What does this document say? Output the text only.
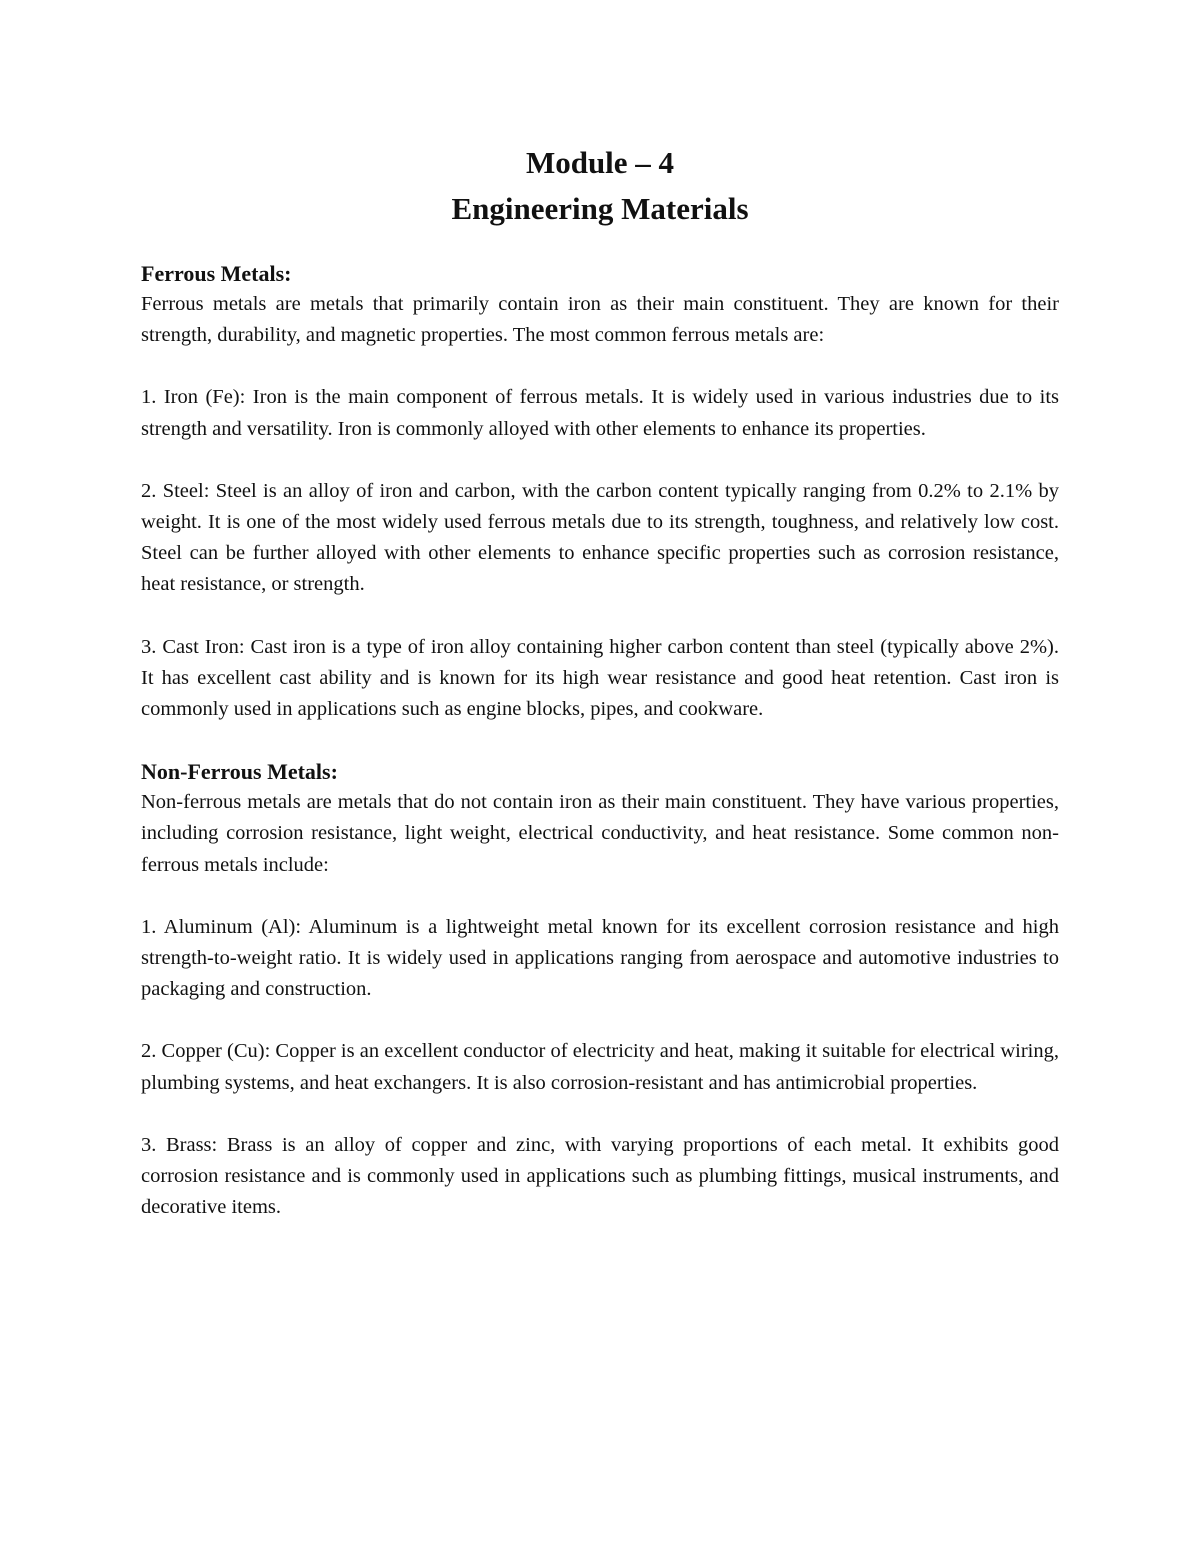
Module – 4
Engineering Materials
Ferrous Metals:

Ferrous metals are metals that primarily contain iron as their main constituent. They are known for their strength, durability, and magnetic properties. The most common ferrous metals are:

1. Iron (Fe): Iron is the main component of ferrous metals. It is widely used in various industries due to its strength and versatility. Iron is commonly alloyed with other elements to enhance its properties.

2. Steel: Steel is an alloy of iron and carbon, with the carbon content typically ranging from 0.2% to 2.1% by weight. It is one of the most widely used ferrous metals due to its strength, toughness, and relatively low cost. Steel can be further alloyed with other elements to enhance specific properties such as corrosion resistance, heat resistance, or strength.

3. Cast Iron: Cast iron is a type of iron alloy containing higher carbon content than steel (typically above 2%). It has excellent cast ability and is known for its high wear resistance and good heat retention. Cast iron is commonly used in applications such as engine blocks, pipes, and cookware.

Non-Ferrous Metals:

Non-ferrous metals are metals that do not contain iron as their main constituent. They have various properties, including corrosion resistance, light weight, electrical conductivity, and heat resistance. Some common non-ferrous metals include:

1. Aluminum (Al): Aluminum is a lightweight metal known for its excellent corrosion resistance and high strength-to-weight ratio. It is widely used in applications ranging from aerospace and automotive industries to packaging and construction.

2. Copper (Cu): Copper is an excellent conductor of electricity and heat, making it suitable for electrical wiring, plumbing systems, and heat exchangers. It is also corrosion-resistant and has antimicrobial properties.

3. Brass: Brass is an alloy of copper and zinc, with varying proportions of each metal. It exhibits good corrosion resistance and is commonly used in applications such as plumbing fittings, musical instruments, and decorative items.
